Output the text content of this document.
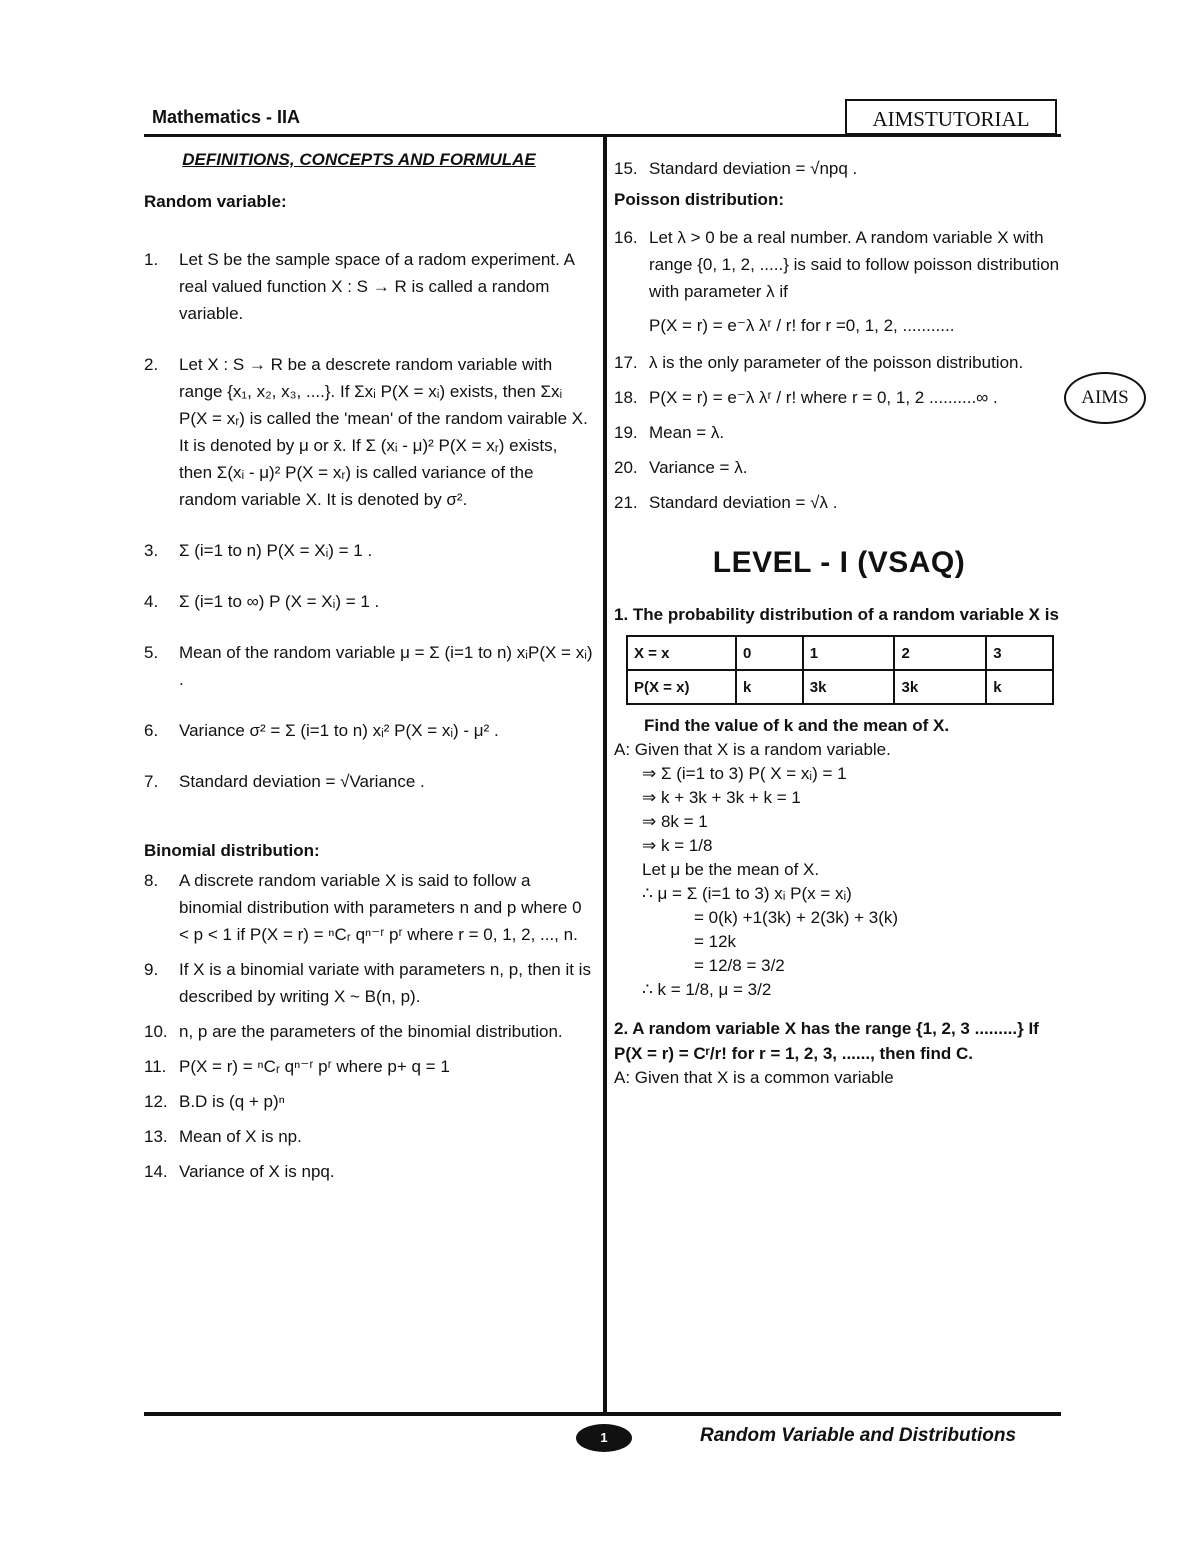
Mathematics - IIA	AIMSTUTORIAL
DEFINITIONS, CONCEPTS AND FORMULAE
Random variable:
1. Let S be the sample space of a radom experiment. A real valued function X : S → R is called a random variable.
2. Let X : S → R be a descrete random variable with range {x₁, x₂, x₃, ....}. If Σxᵢ P(X = xᵢ) exists, then Σxᵢ P(X = xᵣ) is called the 'mean' of the random vairable X. It is denoted by μ or x̄. If Σ (xᵢ - μ)² P(X = xᵣ) exists, then Σ(xᵢ - μ)² P(X = xᵣ) is called variance of the random variable X. It is denoted by σ².
3. Σ (i=1 to n) P(X = Xᵢ) = 1 .
4. Σ (i=1 to ∞) P (X = Xᵢ) = 1 .
5. Mean of the random variable μ = Σ (i=1 to n) xᵢP(X = xᵢ) .
6. Variance σ² = Σ (i=1 to n) xᵢ² P(X = xᵢ) - μ² .
7. Standard deviation = √Variance .
Binomial distribution:
8. A discrete random variable X is said to follow a binomial distribution with parameters n and p where 0 < p < 1 if P(X = r) = ⁿCᵣ qⁿ⁻ʳ pʳ where r = 0, 1, 2, ..., n.
9. If X is a binomial variate with parameters n, p, then it is described by writing X ~ B(n, p).
10. n, p are the parameters of the binomial distribution.
11. P(X = r) = ⁿCᵣ qⁿ⁻ʳ pʳ where p+ q = 1
12. B.D is (q + p)ⁿ
13. Mean of X is np.
14. Variance of X is npq.
15. Standard deviation = √npq .
Poisson distribution:
16. Let λ > 0 be a real number. A random variable X with range {0, 1, 2, .....} is said to follow poisson distribution with parameter λ if
P(X = r) = e⁻λ λʳ / r! for r =0, 1, 2, ...........
17. λ is the only parameter of the poisson distribution.
18. P(X = r) = e⁻λ λʳ / r! where r = 0, 1, 2 ..........∞ .
19. Mean = λ.
20. Variance = λ.
21. Standard deviation = √λ .
LEVEL - I (VSAQ)
1. The probability distribution of a random variable X is
X = x	0	1	2	3
P(X = x)	k	3k	3k	k
Find the value of k and the mean of X.
A: Given that X is a random variable.
⇒ Σ (i=1 to 3) P( X = xᵢ) = 1
⇒ k + 3k + 3k + k = 1
⇒ 8k = 1
⇒ k = 1/8
Let μ be the mean of X.
∴ μ = Σ (i=1 to 3) xᵢ P(x = xᵢ)
= 0(k) +1(3k) + 2(3k) + 3(k)
= 12k
= 12/8 = 3/2
∴ k = 1/8, μ = 3/2
2. A random variable X has the range {1, 2, 3 .........} If P(X = r) = Cʳ/r! for r = 1, 2, 3, ......, then find C.
A: Given that X is a common variable
AIMS
1	Random Variable and Distributions
